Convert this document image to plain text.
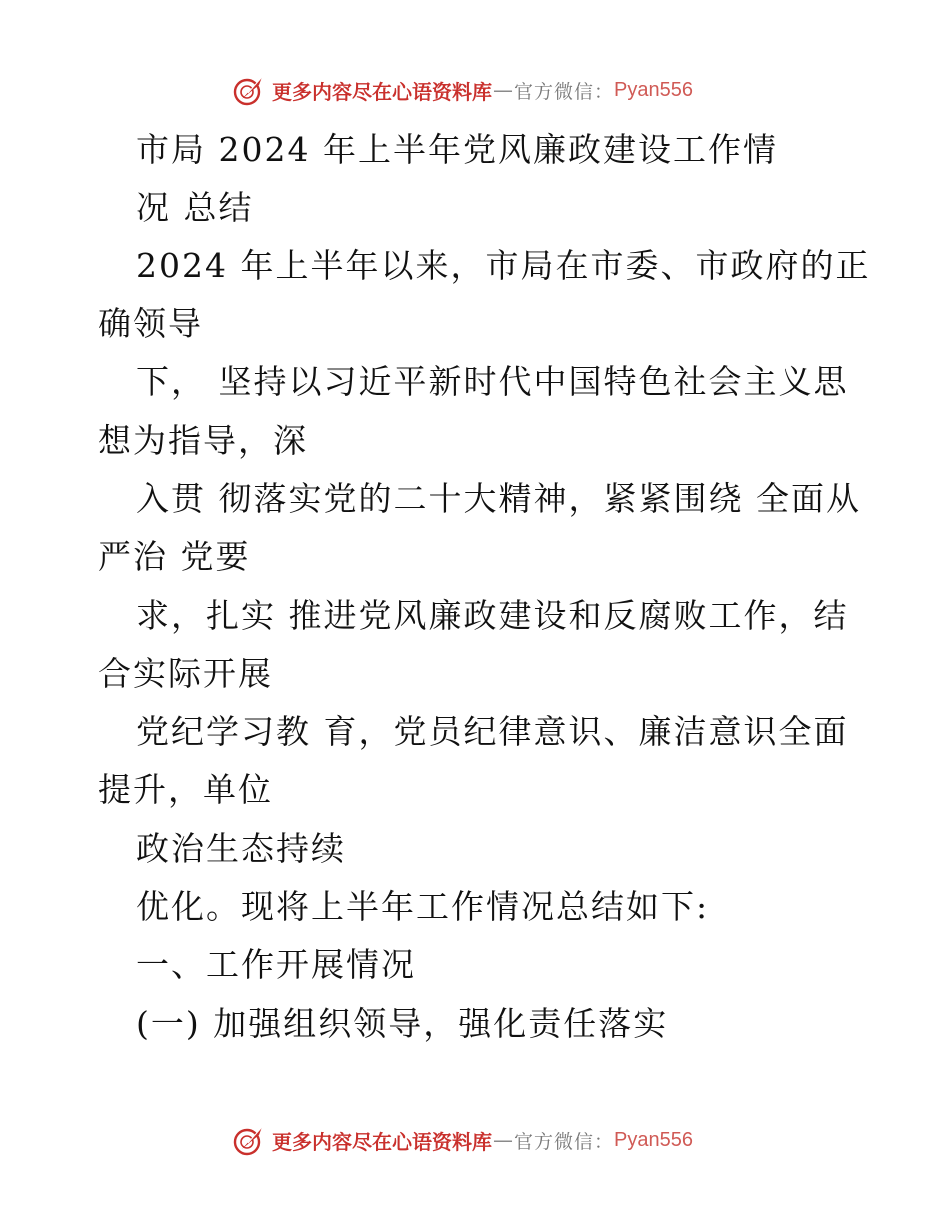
更多内容尽在心语资料库 — 官方微信： Pyan556
市局 2024 年上半年党风廉政建设工作情
况 总结
2024 年上半年以来，市局在市委、市政府的正
确领导
下， 坚持以习近平新时代中国特色社会主义思
想为指导，深
入贯 彻落实党的二十大精神，紧紧围绕 全面从
严治 党要
求，扎实 推进党风廉政建设和反腐败工作，结
合实际开展
党纪学习教 育，党员纪律意识、廉洁意识全面
提升，单位
政治生态持续
优化。现将上半年工作情况总结如下:
一、工作开展情况
(一) 加强组织领导，强化责任落实
更多内容尽在心语资料库 — 官方微信： Pyan556
